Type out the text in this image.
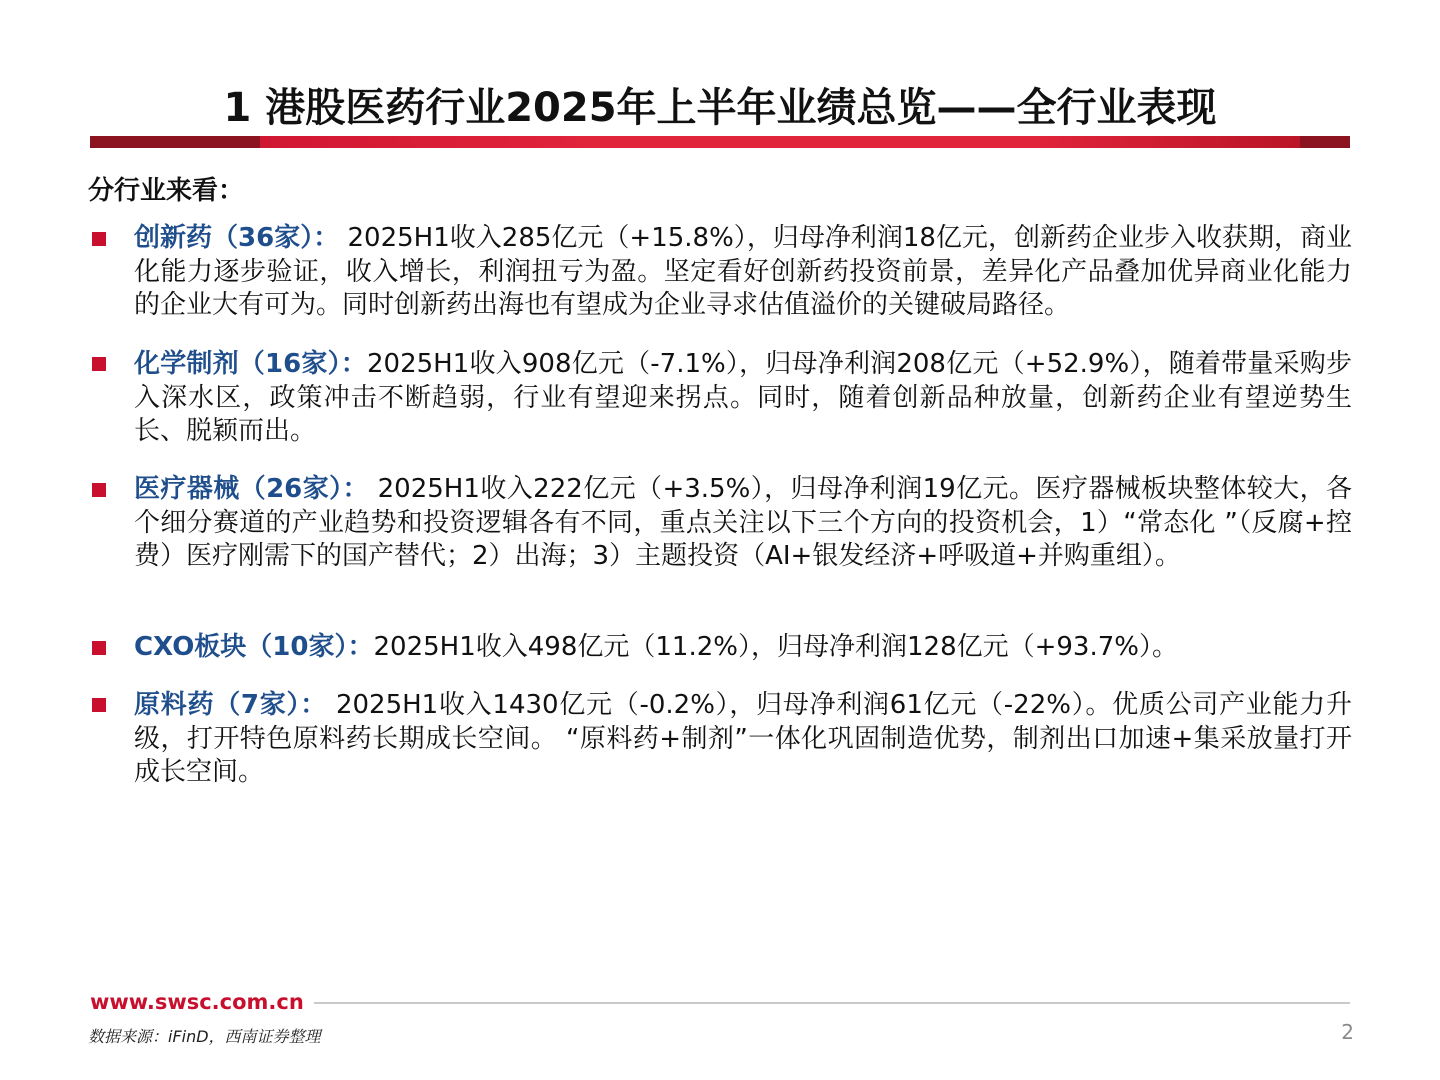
1 港股医药行业2025年上半年业绩总览——全行业表现
分行业来看：
创新药（36家）： 2025H1收入285亿元（+15.8%），归母净利润18亿元，创新药企业步入收获期，商业化能力逐步验证，收入增长，利润扭亏为盈。坚定看好创新药投资前景，差异化产品叠加优异商业化能力的企业大有可为。同时创新药出海也有望成为企业寻求估值溢价的关键破局路径。
化学制剂（16家）：2025H1收入908亿元（-7.1%），归母净利润208亿元（+52.9%），随着带量采购步入深水区，政策冲击不断趋弱，行业有望迎来拐点。同时，随着创新品种放量，创新药企业有望逆势生长、脱颖而出。
医疗器械（26家）： 2025H1收入222亿元（+3.5%），归母净利润19亿元。医疗器械板块整体较大，各个细分赛道的产业趋势和投资逻辑各有不同，重点关注以下三个方向的投资机会，1）“常态化 ”（反腐+控费）医疗刚需下的国产替代；2）出海；3）主题投资（AI+银发经济+呼吸道+并购重组）。
CXO板块（10家）：2025H1收入498亿元（11.2%），归母净利润128亿元（+93.7%）。
原料药（7家）： 2025H1收入1430亿元（-0.2%），归母净利润61亿元（-22%）。优质公司产业能力升级，打开特色原料药长期成长空间。 “原料药+制剂”一体化巩固制造优势，制剂出口加速+集采放量打开成长空间。
www.swsc.com.cn
数据来源：iFinD，西南证券整理	2
